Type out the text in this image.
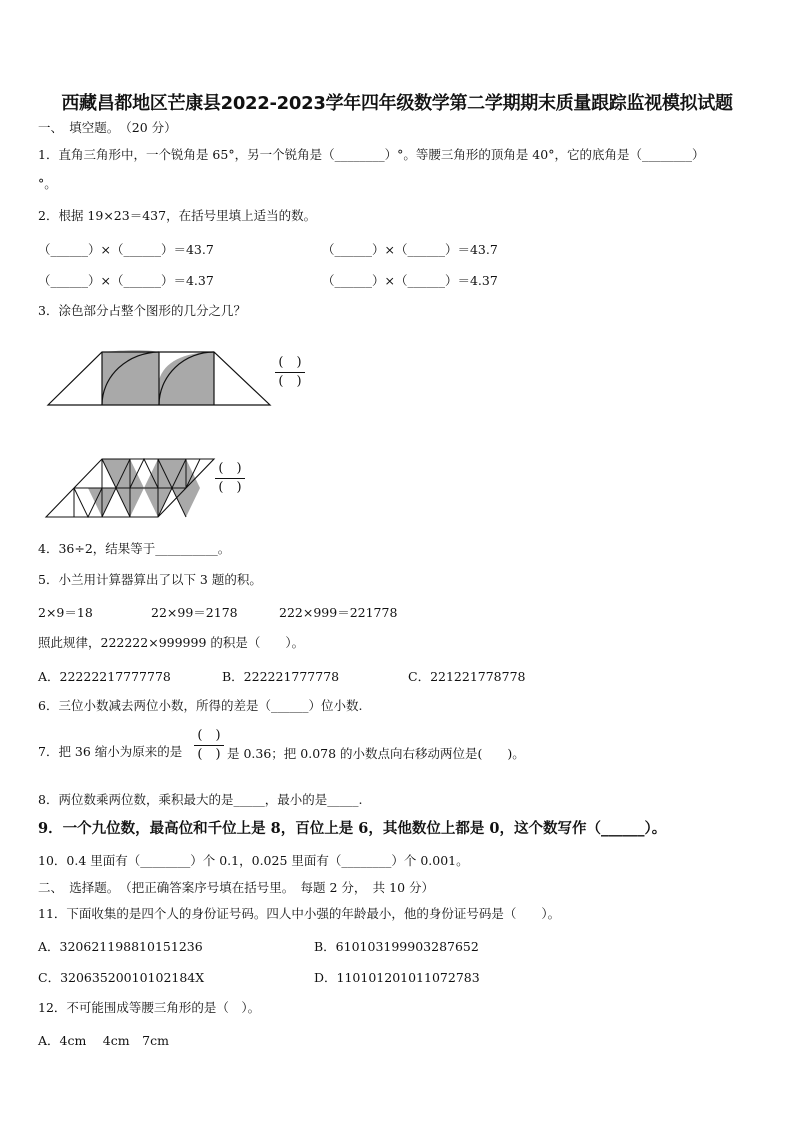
西藏昌都地区芒康县2022-2023学年四年级数学第二学期期末质量跟踪监视模拟试题
一、　填空题。　（20 分）
1．直角三角形中，一个锐角是 65°，另一个锐角是（________）°。等腰三角形的顶角是 40°，它的底角是（________）
°。
2．根据 19×23＝437，在括号里填上适当的数。
（______）×（______）＝43.7	（______）×（______）＝43.7
（______）×（______）＝4.37	（______）×（______）＝4.37
3．涂色部分占整个图形的几分之几？
(　)
(　)
(　)
(　)
4．36÷2，结果等于__________。
5．小兰用计算器算出了以下 3 题的积。
2×9＝18	22×99＝2178	222×999＝221778
照此规律，222222×999999 的积是（　　）。
A．22222217777778	B．222221777778	C．221221778778
6．三位小数减去两位小数，所得的差是（______）位小数.
7．把 36 缩小为原来的是
(　)
(　) 是 0.36；把 0.078 的小数点向右移动两位是(　　)。
8．两位数乘两位数，乘积最大的是_____，最小的是_____.
9．一个九位数，最高位和千位上是 8，百位上是 6，其他数位上都是 0，这个数写作（______）。
10．0.4 里面有（________）个 0.1，0.025 里面有（________）个 0.001。
二、　选择题。　（把正确答案序号填在括号里。　每题 2 分，　共 10 分）
11．下面收集的是四个人的身份证号码。四人中小强的年龄最小，他的身份证号码是（　　）。
A．320621198810151236	B．610103199903287652
C．32063520010102184X	D．110101201011072783
12．不可能围成等腰三角形的是（　）。
A．4cm　 4cm　7cm
